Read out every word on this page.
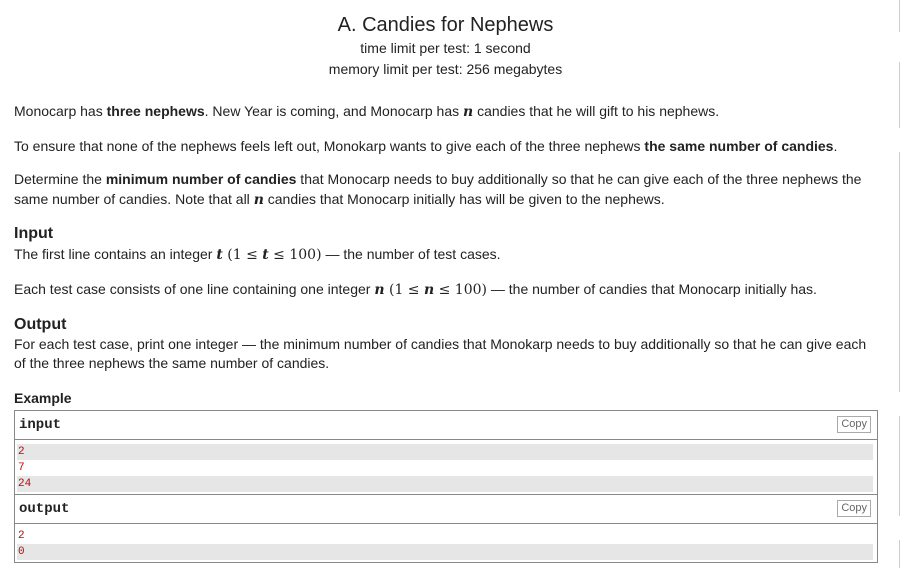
A. Candies for Nephews
time limit per test: 1 second
memory limit per test: 256 megabytes
Monocarp has three nephews. New Year is coming, and Monocarp has n candies that he will gift to his nephews.
To ensure that none of the nephews feels left out, Monokarp wants to give each of the three nephews the same number of candies.
Determine the minimum number of candies that Monocarp needs to buy additionally so that he can give each of the three nephews the same number of candies. Note that all n candies that Monocarp initially has will be given to the nephews.
Input
The first line contains an integer t (1 ≤ t ≤ 100) — the number of test cases.
Each test case consists of one line containing one integer n (1 ≤ n ≤ 100) — the number of candies that Monocarp initially has.
Output
For each test case, print one integer — the minimum number of candies that Monokarp needs to buy additionally so that he can give each of the three nephews the same number of candies.
Example
input	Copy
2
7
24
output	Copy
2
0
